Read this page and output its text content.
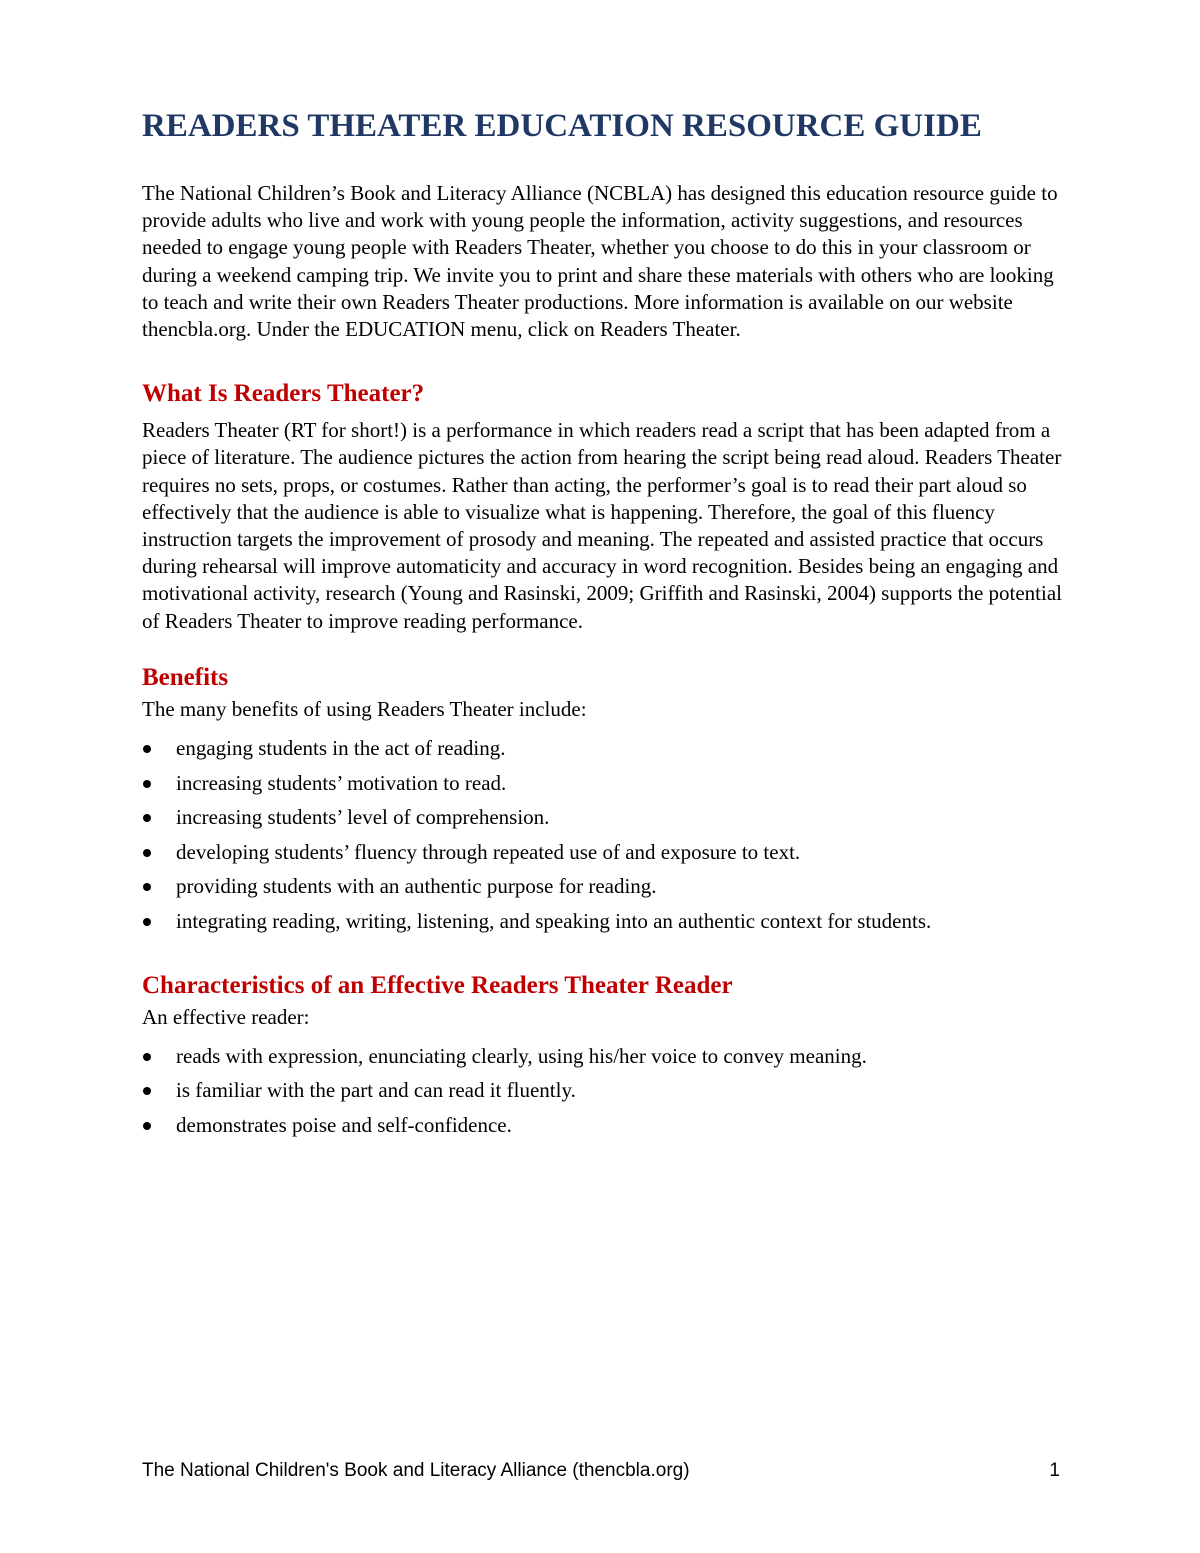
READERS THEATER EDUCATION RESOURCE GUIDE

The National Children’s Book and Literacy Alliance (NCBLA) has designed this education resource guide to provide adults who live and work with young people the information, activity suggestions, and resources needed to engage young people with Readers Theater, whether you choose to do this in your classroom or during a weekend camping trip. We invite you to print and share these materials with others who are looking to teach and write their own Readers Theater productions. More information is available on our website thencbla.org. Under the EDUCATION menu, click on Readers Theater.

What Is Readers Theater?

Readers Theater (RT for short!) is a performance in which readers read a script that has been adapted from a piece of literature. The audience pictures the action from hearing the script being read aloud. Readers Theater requires no sets, props, or costumes. Rather than acting, the performer’s goal is to read their part aloud so effectively that the audience is able to visualize what is happening. Therefore, the goal of this fluency instruction targets the improvement of prosody and meaning. The repeated and assisted practice that occurs during rehearsal will improve automaticity and accuracy in word recognition. Besides being an engaging and motivational activity, research (Young and Rasinski, 2009; Griffith and Rasinski, 2004) supports the potential of Readers Theater to improve reading performance.

Benefits

The many benefits of using Readers Theater include:

engaging students in the act of reading.
increasing students’ motivation to read.
increasing students’ level of comprehension.
developing students’ fluency through repeated use of and exposure to text.
providing students with an authentic purpose for reading.
integrating reading, writing, listening, and speaking into an authentic context for students.
Characteristics of an Effective Readers Theater Reader

An effective reader:

reads with expression, enunciating clearly, using his/her voice to convey meaning.
is familiar with the part and can read it fluently.
demonstrates poise and self-confidence.
The National Children's Book and Literacy Alliance (thencbla.org)	1
